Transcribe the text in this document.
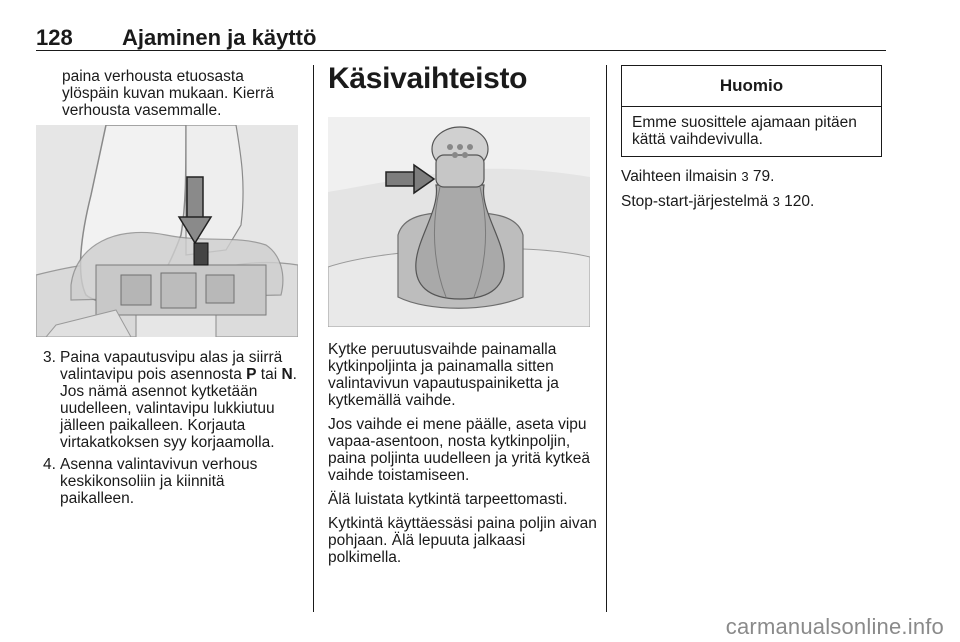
128 Ajaminen ja käyttö

paina verhousta etuosasta ylöspäin kuvan mukaan. Kierrä verhousta vasemmalle.

3. Paina vapautusvipu alas ja siirrä valintavipu pois asennosta P tai N. Jos nämä asennot kytketään uudelleen, valintavipu lukkiutuu jälleen paikalleen. Korjauta virtakatkoksen syy korjaamolla.
4. Asenna valintavivun verhous keskikonsoliin ja kiinnitä paikalleen.
Käsivaihteisto

Kytke peruutusvaihde painamalla kytkinpoljinta ja painamalla sitten valintavivun vapautuspainiketta ja kytkemällä vaihde.

Jos vaihde ei mene päälle, aseta vipu vapaa-asentoon, nosta kytkinpoljin, paina poljinta uudelleen ja yritä kytkeä vaihde toistamiseen.

Älä luistata kytkintä tarpeettomasti.

Kytkintä käyttäessäsi paina poljin aivan pohjaan. Älä lepuuta jalkaasi polkimella.

Huomio
Emme suosittele ajamaan pitäen kättä vaihdevivulla.

Vaihteen ilmaisin 3 79.

Stop-start-järjestelmä 3 120.

carmanualsonline.info
